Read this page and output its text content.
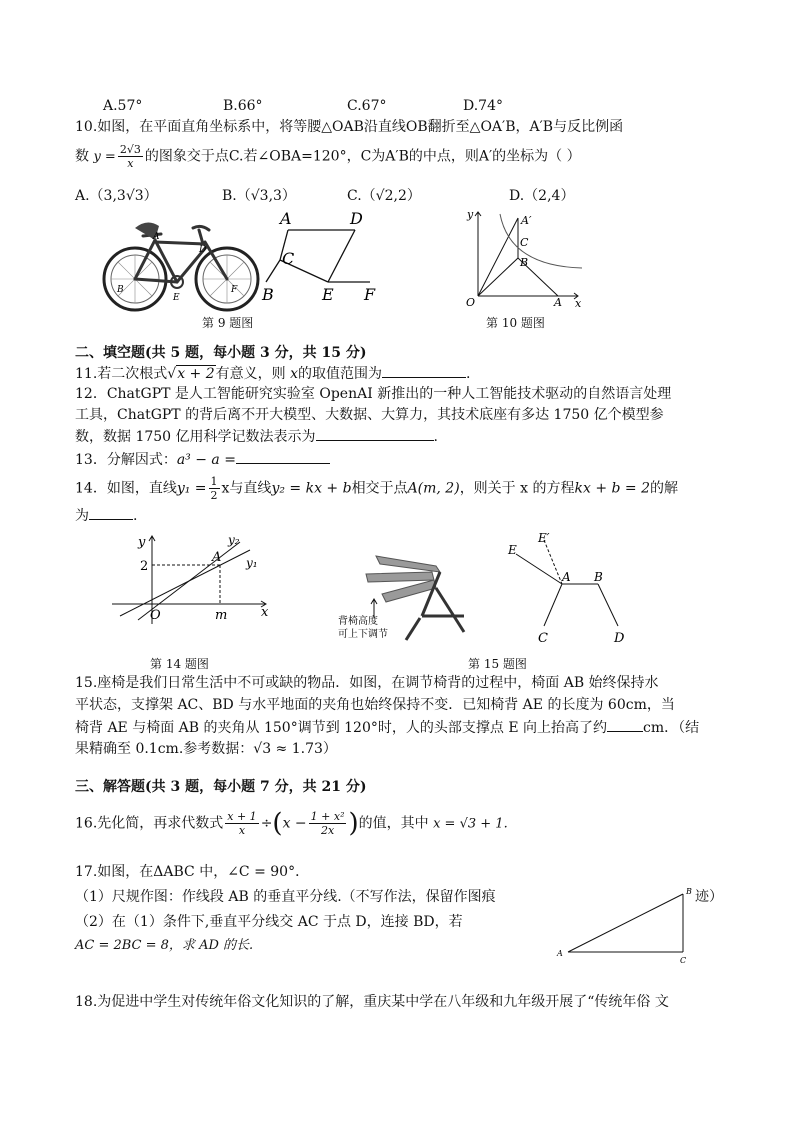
A.57°	B.66°	C.67°	D.74°
10.如图，在平面直角坐标系中，将等腰△OAB沿直线OB翻折至△OA′B，A′B与反比例函
数 $y = \frac{2√3}{x}$ 的图象交于点C.若∠OBA=120°，C为A′B的中点，则A′的坐标为（ ）
A.（3,3√3）	B.（√3,3）	C.（√2,2）	D.（2,4）
A
D
B
E
F
A	D
C
B	E F
第 9 题图
y
x
O	A
A′
C
B
第 10 题图
二、填空题(共 5 题，每小题 3 分，共 15 分)
11.若二次根式√x + 2有意义，则 x的取值范围为	.
12．ChatGPT 是人工智能研究实验室 OpenAI 新推出的一种人工智能技术驱动的自然语言处理
工具，ChatGPT 的背后离不开大模型、大数据、大算力，其技术底座有多达 1750 亿个模型参
数，数据 1750 亿用科学记数法表示为	.
13．分解因式：a³ − a =
14．如图，直线$y_1 = \frac{1}{2}$ x与直线y₂ = kx + b相交于点A(m, 2)，则关于 x 的方程kx + b = 2的解
为	.
y
x
O
A
2
m
y₁
y₂
第 14 题图
背椅高度
可上下调节
E
E′
A B
C	D
第 15 题图
15.座椅是我们日常生活中不可或缺的物品．如图，在调节椅背的过程中，椅面 AB 始终保持水
平状态，支撑架 AC、BD 与水平地面的夹角也始终保持不变．已知椅背 AE 的长度为 60cm，当
椅背 AE 与椅面 AB 的夹角从 150°调节到 120°时，人的头部支撑点 E 向上抬高了约	cm．（结
果精确至 0.1cm.参考数据：√3 ≈ 1.73）
三、解答题(共 3 题，每小题 7 分，共 21 分)
16.先化简，再求代数式 $\frac{x + 1}{x} \div(x - \frac{\text{1 + x²}}{2x}$ )的值，其中 x = √3 + 1.
17.如图，在ΔABC 中，∠C = 90°．
（1）尺规作图：作线段 AB 的垂直平分线.（不写作法，保留作图痕	迹）
（2）在（1）条件下,垂直平分线交 AC 于点 D，连接 BD，若
AC = 2BC = 8，求 AD 的长.
A
B
C
18.为促进中学生对传统年俗文化知识的了解，重庆某中学在八年级和九年级开展了“传统年俗 文
